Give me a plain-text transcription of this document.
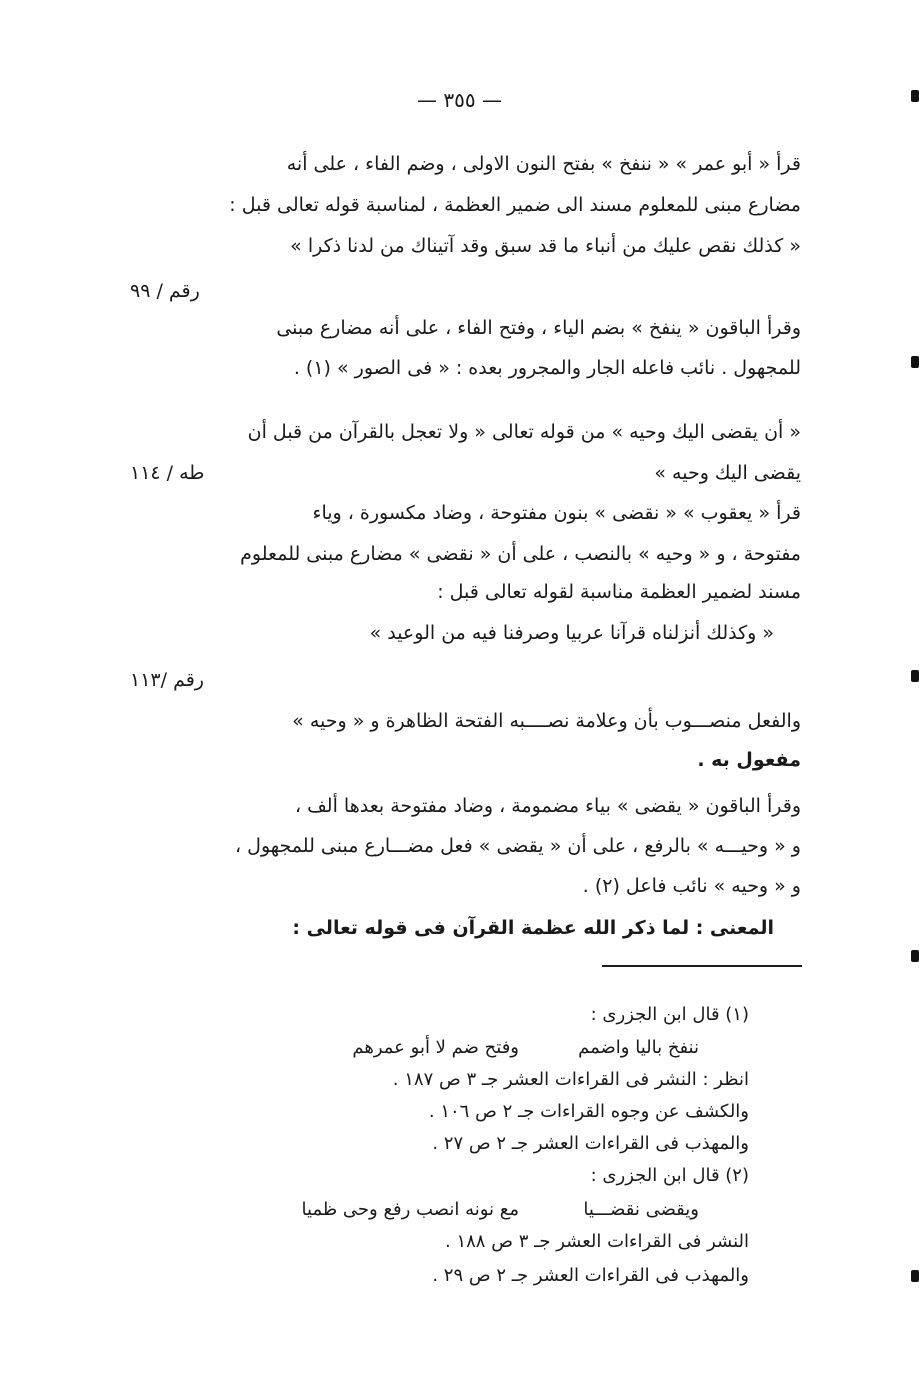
— ٣٥٥ —
قرأ « أبو عمر » « ننفخ » بفتح النون الاولى ، وضم الفاء ، على أنه
مضارع مبنى للمعلوم مسند الى ضمير العظمة ، لمناسبة قوله تعالى قبل :
« كذلك نقص عليك من أنباء ما قد سبق وقد آتيناك من لدنا ذكرا »
رقم / ٩٩
وقرأ الباقون « ينفخ » بضم الياء ، وفتح الفاء ، على أنه مضارع مبنى
للمجهول . نائب فاعله الجار والمجرور بعده : « فى الصور » (١) .
« أن يقضى اليك وحيه » من قوله تعالى « ولا تعجل بالقرآن من قبل أن
يقضى اليك وحيه »
طه / ١١٤
قرأ « يعقوب » « نقضى » بنون مفتوحة ، وضاد مكسورة ، وياء
مفتوحة ، و « وحيه » بالنصب ، على أن « نقضى » مضارع مبنى للمعلوم
مسند لضمير العظمة مناسبة لقوله تعالى قبل :
« وكذلك أنزلناه قرآنا عربيا وصرفنا فيه من الوعيد »
رقم /١١٣
والفعل منصـــوب بأن وعلامة نصــــبه الفتحة الظاهرة و « وحيه »
مفعول به .
وقرأ الباقون « يقضى » بياء مضمومة ، وضاد مفتوحة بعدها ألف ،
و « وحيـــه » بالرفع ، على أن « يقضى » فعل مضـــارع مبنى للمجهول ،
و « وحيه » نائب فاعل (٢) .
المعنى : لما ذكر الله عظمة القرآن فى قوله تعالى :
(١) قال ابن الجزرى :
ننفخ باليا واضمم
وفتح ضم لا أبو عمرهم
انظر : النشر فى القراءات العشر جـ ٣ ص ١٨٧ .
والكشف عن وجوه القراءات جـ ٢ ص ١٠٦ .
والمهذب فى القراءات العشر جـ ٢ ص ٢٧ .
(٢) قال ابن الجزرى :
ويقضى نقضـــيا
مع نونه انصب رفع وحى ظميا
النشر فى القراءات العشر جـ ٣ ص ١٨٨ .
والمهذب فى القراءات العشر جـ ٢ ص ٢٩ .
